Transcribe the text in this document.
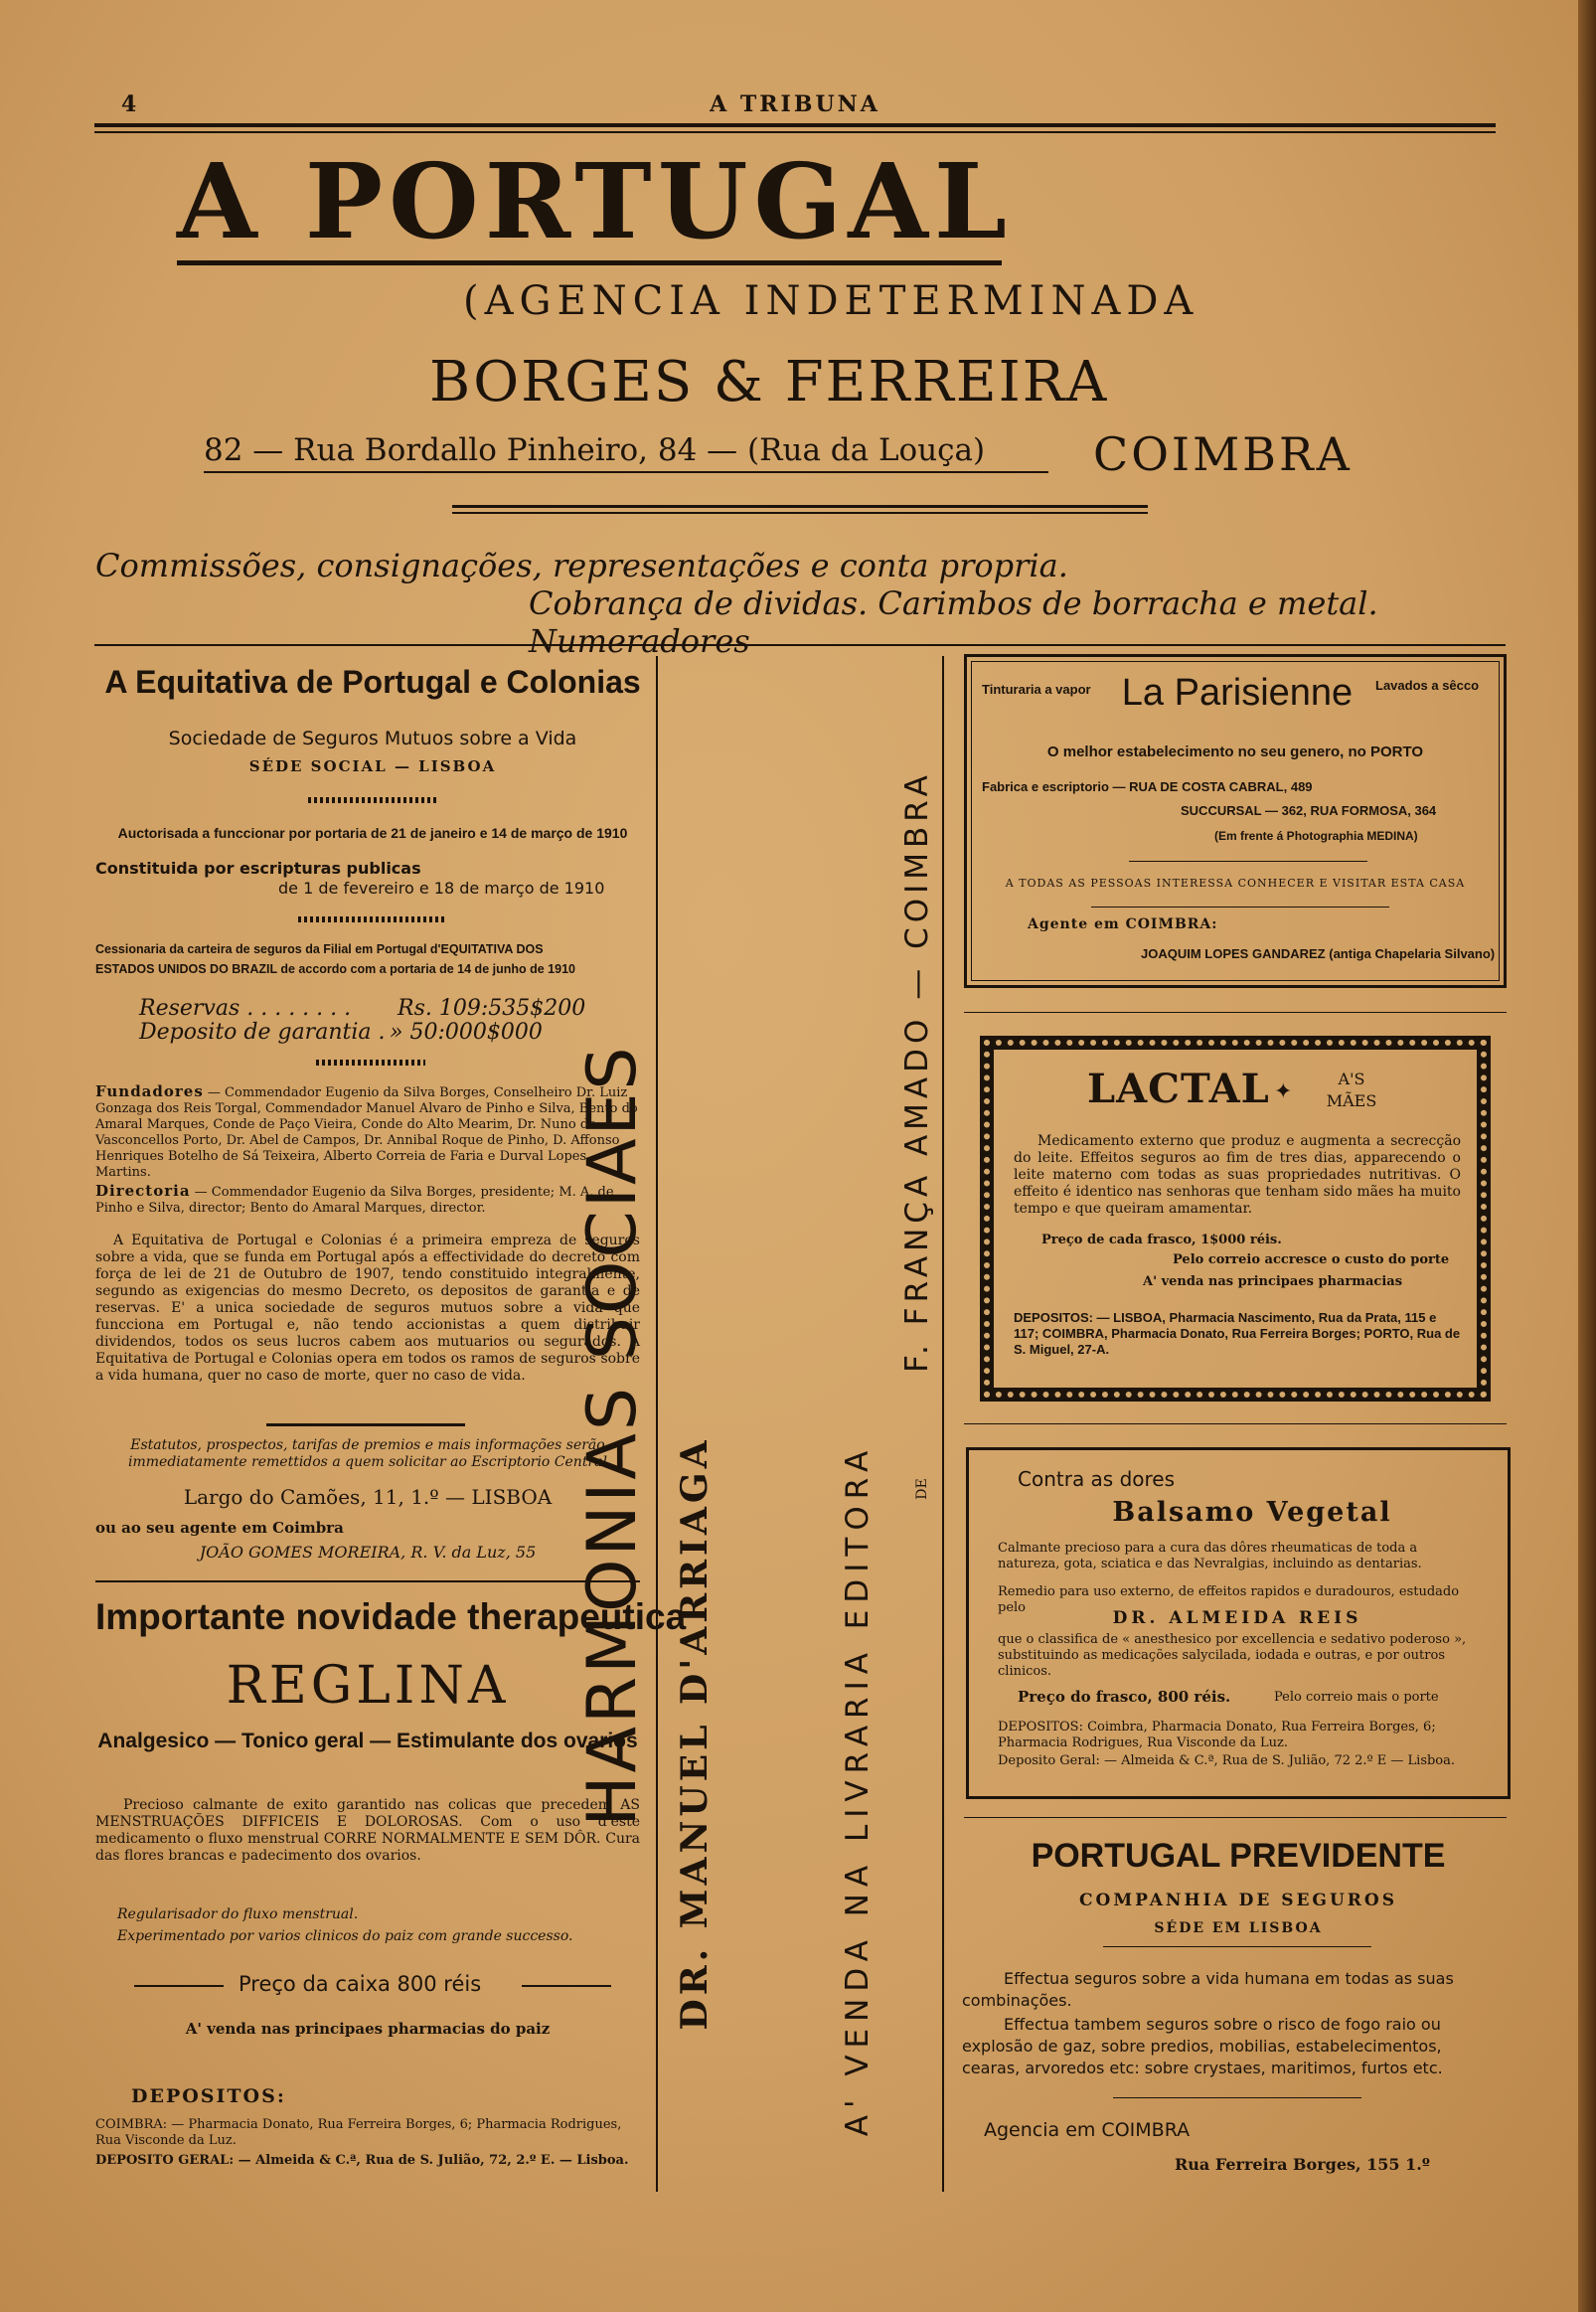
4	A TRIBUNA
A PORTUGAL
(AGENCIA INDETERMINADA
BORGES & FERREIRA
82 — Rua Bordallo Pinheiro, 84 — (Rua da Louça) COIMBRA
Commissões, consignações, representações e conta propria.
Cobrança de dividas. Carimbos de borracha e metal. Numeradores
A Equitativa de Portugal e Colonias
Sociedade de Seguros Mutuos sobre a Vida
SÉDE SOCIAL — LISBOA
Auctorisada a funccionar por portaria de 21 de janeiro e 14 de março de 1910
Constituida por escripturas publicas
de 1 de fevereiro e 18 de março de 1910
Cessionaria da carteira de seguros da Filial em Portugal d'EQUITATIVA DOS
ESTADOS UNIDOS DO BRAZIL de accordo com a portaria de 14 de junho de 1910
Reservas . . . . . . . . Rs. 109:535$200
Deposito de garantia . » 50:000$000
Fundadores — Commendador Eugenio da Silva Borges, Conselheiro Dr. Luiz Gonzaga dos Reis Torgal, Commendador Manuel Alvaro de Pinho e Silva, Bento do Amaral Marques, Conde de Paço Vieira, Conde do Alto Mearim, Dr. Nuno de Vasconcellos Porto, Dr. Abel de Campos, Dr. Annibal Roque de Pinho, D. Affonso Henriques Botelho de Sá Teixeira, Alberto Correia de Faria e Durval Lopes Martins.
Directoria — Commendador Eugenio da Silva Borges, presidente; M. A. de Pinho e Silva, director; Bento do Amaral Marques, director.
A Equitativa de Portugal e Colonias é a primeira empreza de seguros sobre a vida, que se funda em Portugal após a effectividade do decreto com força de lei de 21 de Outubro de 1907, tendo constituido integralmente, segundo as exigencias do mesmo Decreto, os depositos de garantia e de reservas. E' a unica sociedade de seguros mutuos sobre a vida que funcciona em Portugal e, não tendo accionistas a quem distribuir dividendos, todos os seus lucros cabem aos mutuarios ou segurados. A Equitativa de Portugal e Colonias opera em todos os ramos de seguros sobre a vida humana, quer no caso de morte, quer no caso de vida.
Estatutos, prospectos, tarifas de premios e mais informações serão immediatamente remettidos a quem solicitar ao Escriptorio Central
Largo do Camões, 11, 1.º — LISBOA
ou ao seu agente em Coimbra
JOÃO GOMES MOREIRA, R. V. da Luz, 55
Importante novidade therapeutica
REGLINA
Analgesico — Tonico geral — Estimulante dos ovarios
Precioso calmante de exito garantido nas colicas que precedem AS MENSTRUAÇÕES DIFFICEIS E DOLOROSAS. Com o uso d'este medicamento o fluxo menstrual CORRE NORMALMENTE E SEM DÔR. Cura das flores brancas e padecimento dos ovarios.
Regularisador do fluxo menstrual.
Experimentado por varios clinicos do paiz com grande successo.
Preço da caixa 800 réis
A' venda nas principaes pharmacias do paiz
DEPOSITOS:
COIMBRA: — Pharmacia Donato, Rua Ferreira Borges, 6; Pharmacia Rodrigues, Rua Visconde da Luz.
DEPOSITO GERAL: — Almeida & C.ª, Rua de S. Julião, 72, 2.º E. — Lisboa.
DR. MANUEL D'ARRIAGA
HARMONIAS SOCIAES	A' VENDA NA LIVRARIA EDITORA	DE
F. FRANÇA AMADO — COIMBRA
Tinturaria a vapor La Parisienne Lavados a sêcco
O melhor estabelecimento no seu genero, no PORTO
Fabrica e escriptorio — RUA DE COSTA CABRAL, 489
SUCCURSAL — 362, RUA FORMOSA, 364
(Em frente á Photographia MEDINA)
A TODAS AS PESSOAS INTERESSA CONHECER E VISITAR ESTA CASA
Agente em COIMBRA:
JOAQUIM LOPES GANDAREZ (antiga Chapelaria Silvano)
LACTAL ✦
A'S
MÃES
Medicamento externo que produz e augmenta a secrecção do leite. Effeitos seguros ao fim de tres dias, apparecendo o leite materno com todas as suas propriedades nutritivas. O effeito é identico nas senhoras que tenham sido mães ha muito tempo e que queiram amamentar.
Preço de cada frasco, 1$000 réis.
Pelo correio accresce o custo do porte
A' venda nas principaes pharmacias
DEPOSITOS: — LISBOA, Pharmacia Nascimento, Rua da Prata, 115 e 117; COIMBRA, Pharmacia Donato, Rua Ferreira Borges; PORTO, Rua de S. Miguel, 27-A.
Contra as dores
Balsamo Vegetal
Calmante precioso para a cura das dôres rheumaticas de toda a natureza, gota, sciatica e das Nevralgias, incluindo as dentarias.
Remedio para uso externo, de effeitos rapidos e duradouros, estudado pelo
DR. ALMEIDA REIS
que o classifica de « anesthesico por excellencia e sedativo poderoso », substituindo as medicações salycilada, iodada e outras, e por outros clinicos.
Preço do frasco, 800 réis.	Pelo correio mais o porte
DEPOSITOS: Coimbra, Pharmacia Donato, Rua Ferreira Borges, 6; Pharmacia Rodrigues, Rua Visconde da Luz.
Deposito Geral: — Almeida & C.ª, Rua de S. Julião, 72 2.º E — Lisboa.
PORTUGAL PREVIDENTE
COMPANHIA DE SEGUROS
SÉDE EM LISBOA
Effectua seguros sobre a vida humana em todas as suas combinações.
Effectua tambem seguros sobre o risco de fogo raio ou explosão de gaz, sobre predios, mobilias, estabelecimentos, cearas, arvoredos etc: sobre crystaes, maritimos, furtos etc.
Agencia em COIMBRA
Rua Ferreira Borges, 155 1.º
